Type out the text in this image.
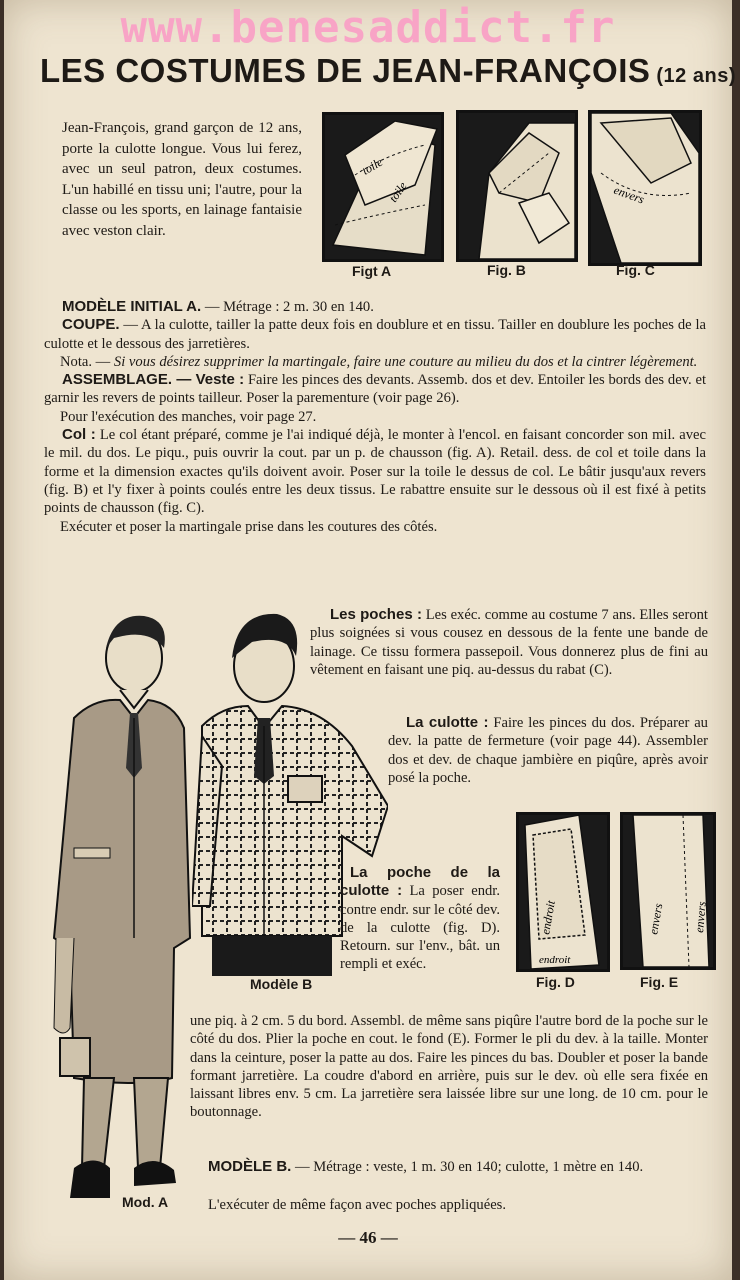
www.benesaddict.fr
LES COSTUMES DE JEAN-FRANÇOIS (12 ans)
Jean-François, grand garçon de 12 ans, porte la culotte longue. Vous lui ferez, avec un seul patron, deux costumes. L'un habillé en tissu uni; l'autre, pour la classe ou les sports, en lainage fantaisie avec veston clair.
toile
toile
Figt A	Fig. B
envers
Fig. C

MODÈLE INITIAL A. — Métrage : 2 m. 30 en 140.

COUPE. — A la culotte, tailler la patte deux fois en doublure et en tissu. Tailler en doublure les poches de la culotte et le dessous des jarretières.

Nota. — Si vous désirez supprimer la martingale, faire une couture au milieu du dos et la cintrer légèrement.

ASSEMBLAGE. — Veste : Faire les pinces des devants. Assemb. dos et dev. Entoiler les bords des dev. et garnir les revers de points tailleur. Poser la parementure (voir page 26).

Pour l'exécution des manches, voir page 27.

Col : Le col étant préparé, comme je l'ai indiqué déjà, le monter à l'encol. en faisant concorder son mil. avec le mil. du dos. Le piqu., puis ouvrir la cout. par un p. de chausson (fig. A). Retail. dess. de col et toile dans la forme et la dimension exactes qu'ils doivent avoir. Poser sur la toile le dessus de col. Le bâtir jusqu'aux revers (fig. B) et l'y fixer à points coulés entre les deux tissus. Le rabattre ensuite sur le dessous où il est fixé à petits points de chausson (fig. C).

Exécuter et poser la martingale prise dans les coutures des côtés.

Mod. A
Modèle B
Les poches : Les exéc. comme au costume 7 ans. Elles seront plus soignées si vous cousez en dessous de la fente une bande de lainage. Ce tissu formera passepoil. Vous donnerez plus de fini au vêtement en faisant une piq. au-dessus du rabat (C).
La culotte : Faire les pinces du dos. Préparer au dev. la patte de fermeture (voir page 44). Assembler dos et dev. de chaque jambière en piqûre, après avoir posé la poche.
endroit
endroit
Fig. D
envers envers
Fig. E
La poche de la culotte : La poser endr. contre endr. sur le côté dev. de la culotte (fig. D). Retourn. sur l'env., bât. un rempli et exéc.
une piq. à 2 cm. 5 du bord. Assembl. de même sans piqûre l'autre bord de la poche sur le côté du dos. Plier la poche en cout. le fond (E). Former le pli du dev. à la taille. Monter dans la ceinture, poser la patte au dos. Faire les pinces du bas. Doubler et poser la bande formant jarretière. La coudre d'abord en arrière, puis sur le dev. où elle sera fixée en laissant libres env. 5 cm. La jarretière sera laissée libre sur une long. de 10 cm. pour le boutonnage.
MODÈLE B. — Métrage : veste, 1 m. 30 en 140; culotte, 1 mètre en 140.
L'exécuter de même façon avec poches appliquées.
— 46 —
